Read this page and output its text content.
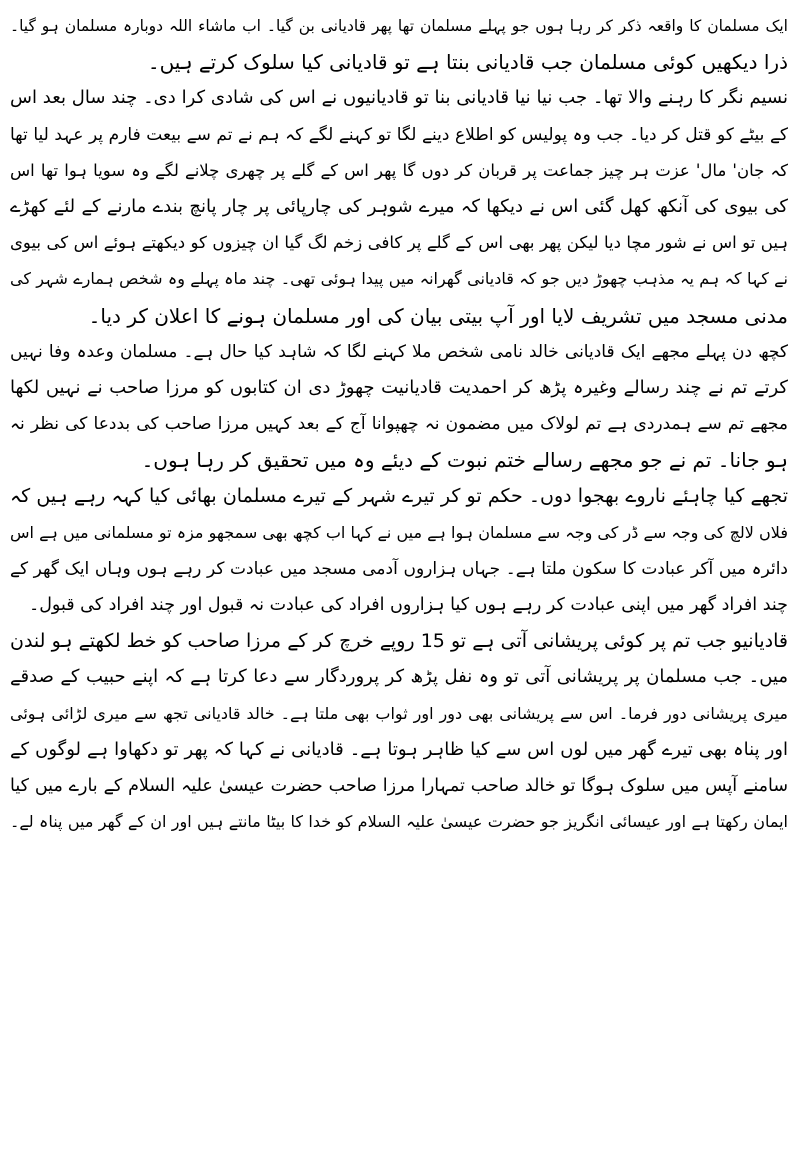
ایک مسلمان کا واقعہ ذکر کر رہا ہوں جو پہلے مسلمان تھا پھر قادیانی بن گیا۔ اب ماشاء اللہ دوبارہ مسلمان ہو گیا۔
ذرا دیکھیں کوئی مسلمان جب قادیانی بنتا ہے تو قادیانی کیا سلوک کرتے ہیں۔
نسیم نگر کا رہنے والا تھا۔ جب نیا نیا قادیانی بنا تو قادیانیوں نے اس کی شادی کرا دی۔ چند سال بعد اس
کے بیٹے کو قتل کر دیا۔ جب وہ پولیس کو اطلاع دینے لگا تو کہنے لگے کہ ہم نے تم سے بیعت فارم پر عہد لیا تھا
کہ جان' مال' عزت ہر چیز جماعت پر قربان کر دوں گا پھر اس کے گلے پر چھری چلانے لگے وہ سویا ہوا تھا اس
کی بیوی کی آنکھ کھل گئی اس نے دیکھا کہ میرے شوہر کی چارپائی پر چار پانچ بندے مارنے کے لئے کھڑے
ہیں تو اس نے شور مچا دیا لیکن پھر بھی اس کے گلے پر کافی زخم لگ گیا ان چیزوں کو دیکھتے ہوئے اس کی بیوی
نے کہا کہ ہم یہ مذہب چھوڑ دیں جو کہ قادیانی گھرانہ میں پیدا ہوئی تھی۔ چند ماہ پہلے وہ شخص ہمارے شہر کی
مدنی مسجد میں تشریف لایا اور آپ بیتی بیان کی اور مسلمان ہونے کا اعلان کر دیا۔
کچھ دن پہلے مجھے ایک قادیانی خالد نامی شخص ملا کہنے لگا کہ شاہد کیا حال ہے۔ مسلمان وعدہ وفا نہیں
کرتے تم نے چند رسالے وغیرہ پڑھ کر احمدیت قادیانیت چھوڑ دی ان کتابوں کو مرزا صاحب نے نہیں لکھا
مجھے تم سے ہمدردی ہے تم لولاک میں مضمون نہ چھپوانا آج کے بعد کہیں مرزا صاحب کی بددعا کی نظر نہ
ہو جانا۔ تم نے جو مجھے رسالے ختم نبوت کے دیئے وہ میں تحقیق کر رہا ہوں۔
تجھے کیا چاہئے ناروے بھجوا دوں۔ حکم تو کر تیرے شہر کے تیرے مسلمان بھائی کیا کہہ رہے ہیں کہ
فلاں لالچ کی وجہ سے ڈر کی وجہ سے مسلمان ہوا ہے میں نے کہا اب کچھ بھی سمجھو مزہ تو مسلمانی میں ہے اس
دائرہ میں آکر عبادت کا سکون ملتا ہے۔ جہاں ہزاروں آدمی مسجد میں عبادت کر رہے ہوں وہاں ایک گھر کے
چند افراد گھر میں اپنی عبادت کر رہے ہوں کیا ہزاروں افراد کی عبادت نہ قبول اور چند افراد کی قبول۔
قادیانیو جب تم پر کوئی پریشانی آتی ہے تو 15 روپے خرچ کر کے مرزا صاحب کو خط لکھتے ہو لندن
میں۔ جب مسلمان پر پریشانی آتی تو وہ نفل پڑھ کر پروردگار سے دعا کرتا ہے کہ اپنے حبیب کے صدقے
میری پریشانی دور فرما۔ اس سے پریشانی بھی دور اور ثواب بھی ملتا ہے۔ خالد قادیانی تجھ سے میری لڑائی ہوئی
اور پناہ بھی تیرے گھر میں لوں اس سے کیا ظاہر ہوتا ہے۔ قادیانی نے کہا کہ پھر تو دکھاوا ہے لوگوں کے
سامنے آپس میں سلوک ہوگا تو خالد صاحب تمہارا مرزا صاحب حضرت عیسیٰ علیہ السلام کے بارے میں کیا
ایمان رکھتا ہے اور عیسائی انگریز جو حضرت عیسیٰ علیہ السلام کو خدا کا بیٹا مانتے ہیں اور ان کے گھر میں پناہ لے۔
